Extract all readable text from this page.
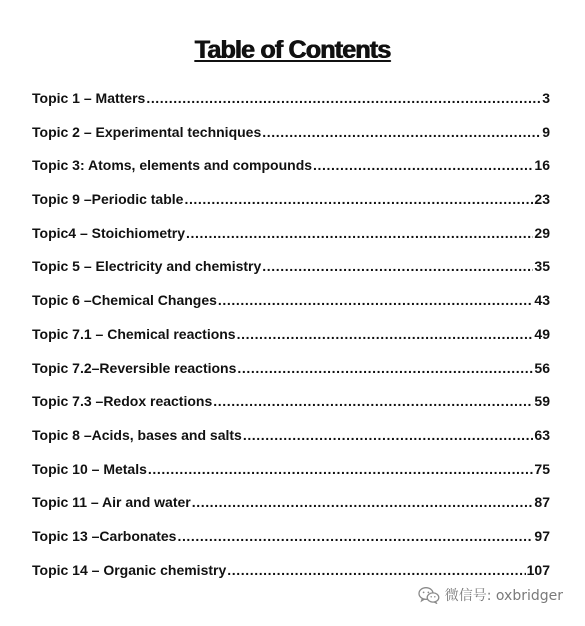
Table of Contents
Topic 1 – Matters .....	3
Topic 2 – Experimental techniques .....	9
Topic 3: Atoms, elements and compounds .....	16
Topic 9 –Periodic table .....	23
Topic4 – Stoichiometry .....	29
Topic 5 – Electricity and chemistry .....	35
Topic 6 –Chemical Changes .....	43
Topic 7.1 – Chemical reactions .....	49
Topic 7.2–Reversible reactions .....	56
Topic 7.3 –Redox reactions .....	59
Topic 8 –Acids, bases and salts .....	63
Topic 10 – Metals .....	75
Topic 11 – Air and water .....	87
Topic 13 –Carbonates .....	97
Topic 14 – Organic chemistry .....	107
微信号: oxbridger
